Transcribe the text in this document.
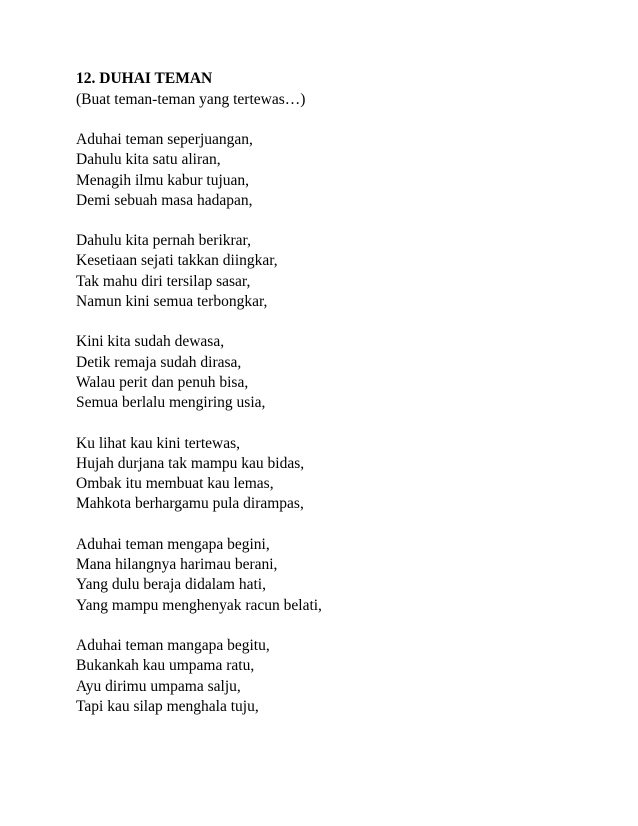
12. DUHAI TEMAN
(Buat teman-teman yang tertewas…)
Aduhai teman seperjuangan,
Dahulu kita satu aliran,
Menagih ilmu kabur tujuan,
Demi sebuah masa hadapan,
Dahulu kita pernah berikrar,
Kesetiaan sejati takkan diingkar,
Tak mahu diri tersilap sasar,
Namun kini semua terbongkar,
Kini kita sudah dewasa,
Detik remaja sudah dirasa,
Walau perit dan penuh bisa,
Semua berlalu mengiring usia,
Ku lihat kau kini tertewas,
Hujah durjana tak mampu kau bidas,
Ombak itu membuat kau lemas,
Mahkota berhargamu pula dirampas,
Aduhai teman mengapa begini,
Mana hilangnya harimau berani,
Yang dulu beraja didalam hati,
Yang mampu menghenyak racun belati,
Aduhai teman mangapa begitu,
Bukankah kau umpama ratu,
Ayu dirimu umpama salju,
Tapi kau silap menghala tuju,
